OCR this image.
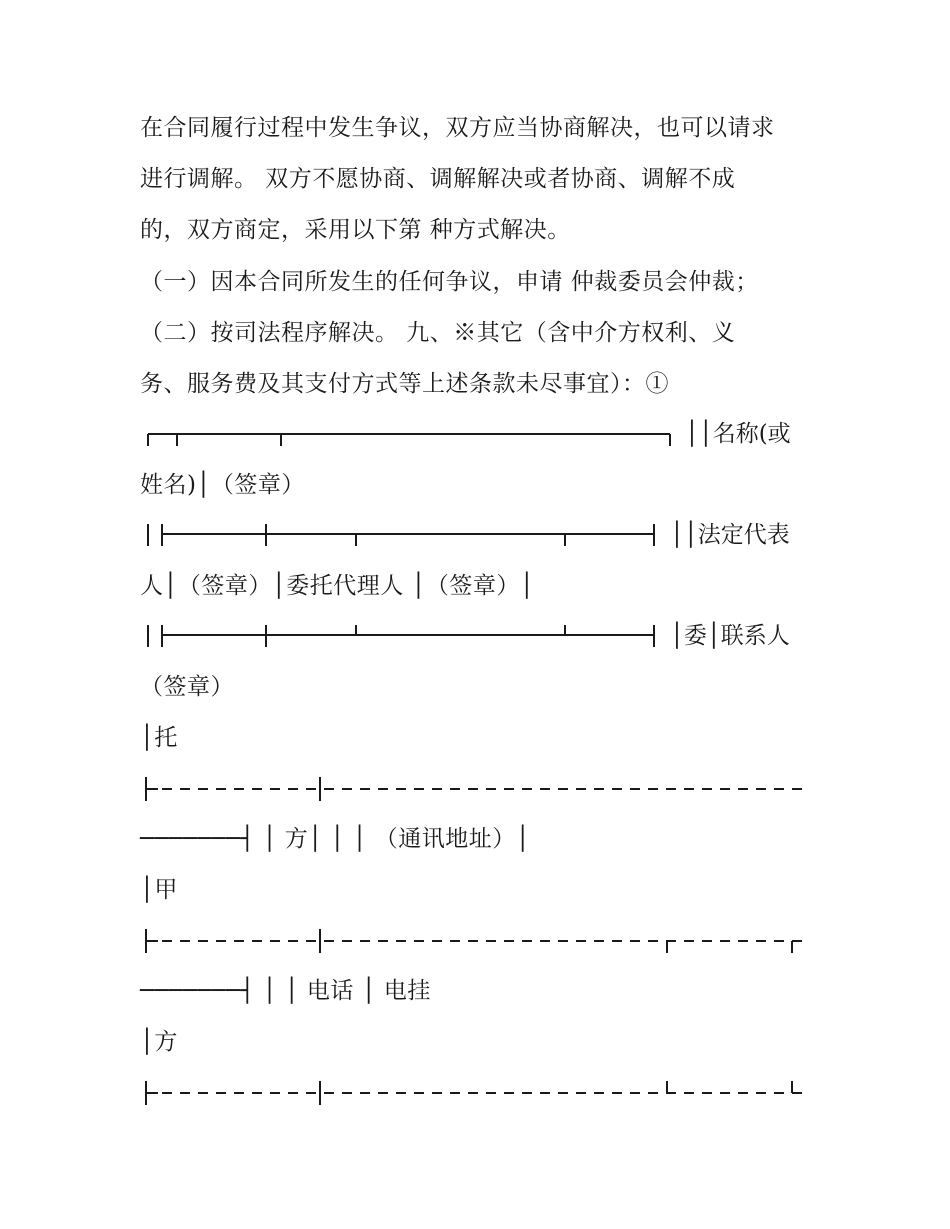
在合同履行过程中发生争议，双方应当协商解决，也可以请求
进行调解。 双方不愿协商、调解解决或者协商、调解不成
的，双方商定，采用以下第 种方式解决。
（一）因本合同所发生的任何争议，申请 仲裁委员会仲裁；
（二）按司法程序解决。 九、※其它（含中介方权利、义
务、服务费及其支付方式等上述条款未尽事宜）：①
││名称(或
姓名)│（签章）
││法定代表
人│（签章）│委托代理人 │（签章）│
│委│联系人
（签章）
│托
───────┤ │ 方│ │ │ （通讯地址）│
│甲
───────┤ │ │ 电话 │ 电挂
│方
